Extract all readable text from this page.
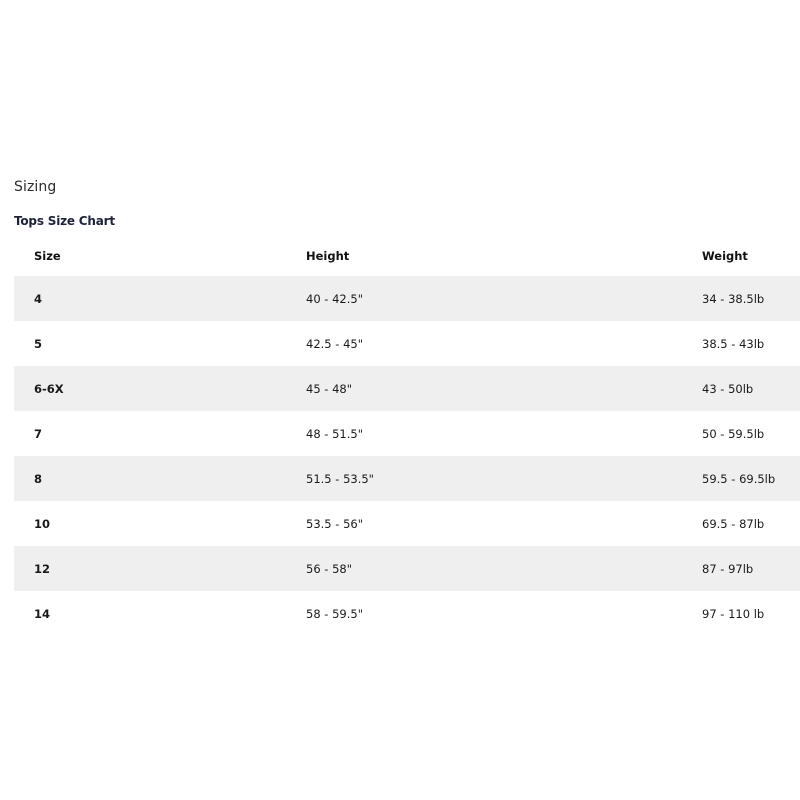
Sizing
Tops Size Chart
Size	Height	Weight
4	40 - 42.5"	34 - 38.5lb
5	42.5 - 45"	38.5 - 43lb
6-6X	45 - 48"	43 - 50lb
7	48 - 51.5"	50 - 59.5lb
8	51.5 - 53.5"	59.5 - 69.5lb
10	53.5 - 56"	69.5 - 87lb
12	56 - 58"	87 - 97lb
14	58 - 59.5"	97 - 110 lb
